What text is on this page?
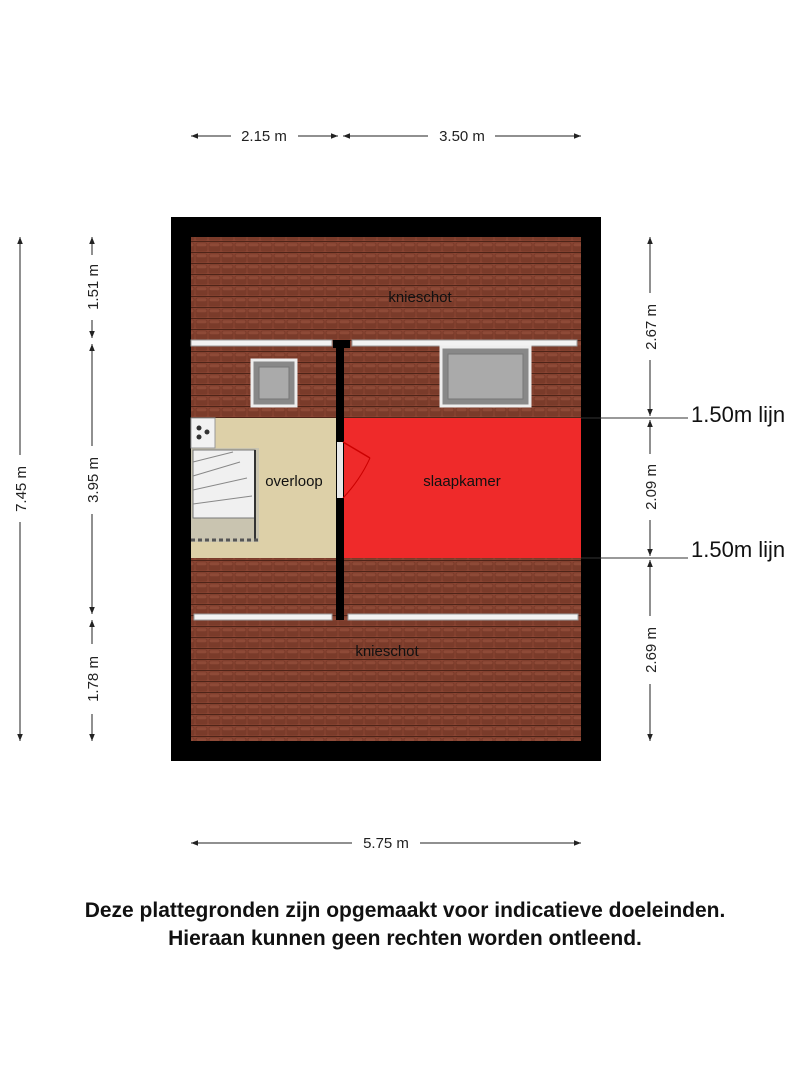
1.50m lijn
1.50m lijn
knieschot
overloop	slaapkamer
knieschot
2.15 m	3.50 m
5.75 m
7.45 m
1.51 m
3.95 m
1.78 m
2.67 m
2.09 m
2.69 m
Deze plattegronden zijn opgemaakt voor indicatieve doeleinden.
Hieraan kunnen geen rechten worden ontleend.
